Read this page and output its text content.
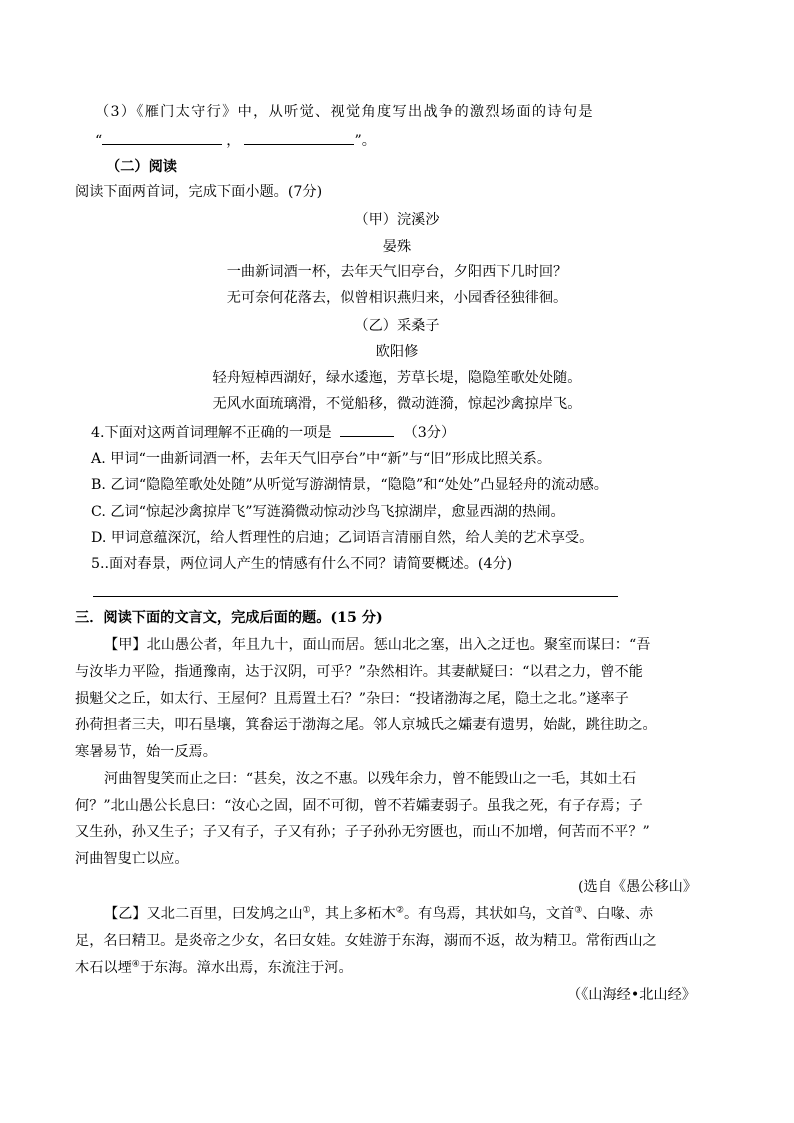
（3）《雁门太守行》中，从听觉、视觉角度写出战争的激烈场面的诗句是
“	，	”。
（二）阅读
阅读下面两首词，完成下面小题。(7分)
（甲）浣溪沙
晏殊
一曲新词酒一杯，去年天气旧亭台，夕阳西下几时回？
无可奈何花落去，似曾相识燕归来，小园香径独徘徊。
（乙）采桑子
欧阳修
轻舟短棹西湖好，绿水逶迤，芳草长堤，隐隐笙歌处处随。
无风水面琉璃滑，不觉船移，微动涟漪，惊起沙禽掠岸飞。
4.下面对这两首词理解不正确的一项是	（3分）
A. 甲词“一曲新词酒一杯，去年天气旧亭台”中“新”与“旧”形成比照关系。
B. 乙词“隐隐笙歌处处随”从听觉写游湖情景，“隐隐”和“处处”凸显轻舟的流动感。
C. 乙词“惊起沙禽掠岸飞”写涟漪微动惊动沙鸟飞掠湖岸，愈显西湖的热闹。
D. 甲词意蕴深沉，给人哲理性的启迪；乙词语言清丽自然，给人美的艺术享受。
5..面对春景，两位词人产生的情感有什么不同？请简要概述。(4分)
三．阅读下面的文言文，完成后面的题。(15 分)
【甲】北山愚公者，年且九十，面山而居。惩山北之塞，出入之迂也。聚室而谋曰：“吾
与汝毕力平险，指通豫南，达于汉阴，可乎？”杂然相许。其妻献疑曰：“以君之力，曾不能
损魁父之丘，如太行、王屋何？且焉置土石？”杂曰：“投诸渤海之尾，隐土之北。”遂率子
孙荷担者三夫，叩石垦壤，箕畚运于渤海之尾。邻人京城氏之孀妻有遗男，始龀，跳往助之。
寒暑易节，始一反焉。
河曲智叟笑而止之曰：“甚矣，汝之不惠。以残年余力，曾不能毁山之一毛，其如土石
何？”北山愚公长息曰：“汝心之固，固不可彻，曾不若孀妻弱子。虽我之死，有子存焉；子
又生孙，孙又生子；子又有子，子又有孙；子子孙孙无穷匮也，而山不加增，何苦而不平？”
河曲智叟亡以应。
(选自《愚公移山》
【乙】又北二百里，曰发鸠之山①，其上多柘木②。有鸟焉，其状如乌，文首③、白喙、赤
足，名曰精卫。是炎帝之少女，名曰女娃。女娃游于东海，溺而不返，故为精卫。常衔西山之
木石以堙④于东海。漳水出焉，东流注于河。
（《山海经•北山经》
